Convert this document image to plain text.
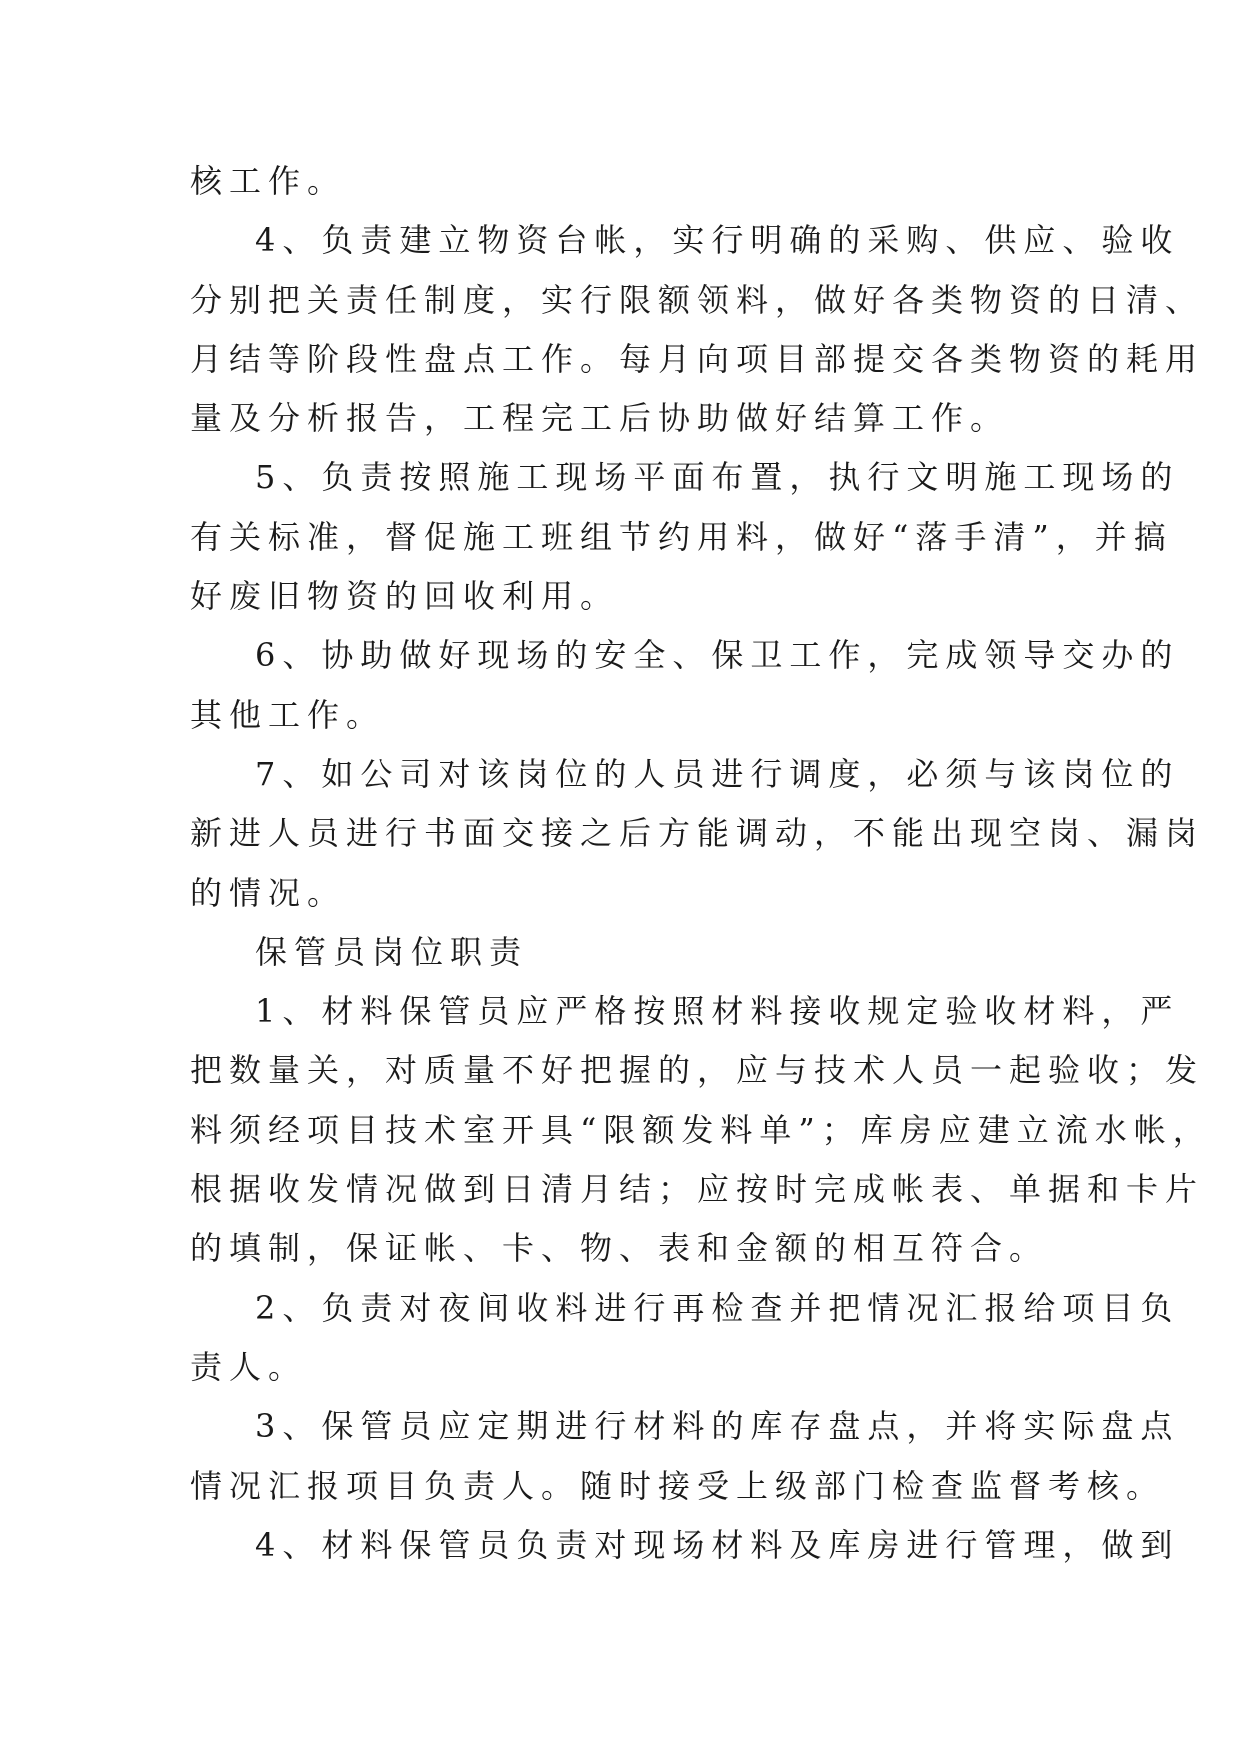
核工作。
4、负责建立物资台帐，实行明确的采购、供应、验收
分别把关责任制度，实行限额领料，做好各类物资的日清、
月结等阶段性盘点工作。每月向项目部提交各类物资的耗用
量及分析报告，工程完工后协助做好结算工作。
5、负责按照施工现场平面布置，执行文明施工现场的
有关标准，督促施工班组节约用料，做好“落手清”，并搞
好废旧物资的回收利用。
6、协助做好现场的安全、保卫工作，完成领导交办的
其他工作。
7、如公司对该岗位的人员进行调度，必须与该岗位的
新进人员进行书面交接之后方能调动，不能出现空岗、漏岗
的情况。
保管员岗位职责
1、材料保管员应严格按照材料接收规定验收材料，严
把数量关，对质量不好把握的，应与技术人员一起验收；发
料须经项目技术室开具“限额发料单”；库房应建立流水帐，
根据收发情况做到日清月结；应按时完成帐表、单据和卡片
的填制，保证帐、卡、物、表和金额的相互符合。
2、负责对夜间收料进行再检查并把情况汇报给项目负
责人。
3、保管员应定期进行材料的库存盘点，并将实际盘点
情况汇报项目负责人。随时接受上级部门检查监督考核。
4、材料保管员负责对现场材料及库房进行管理，做到
